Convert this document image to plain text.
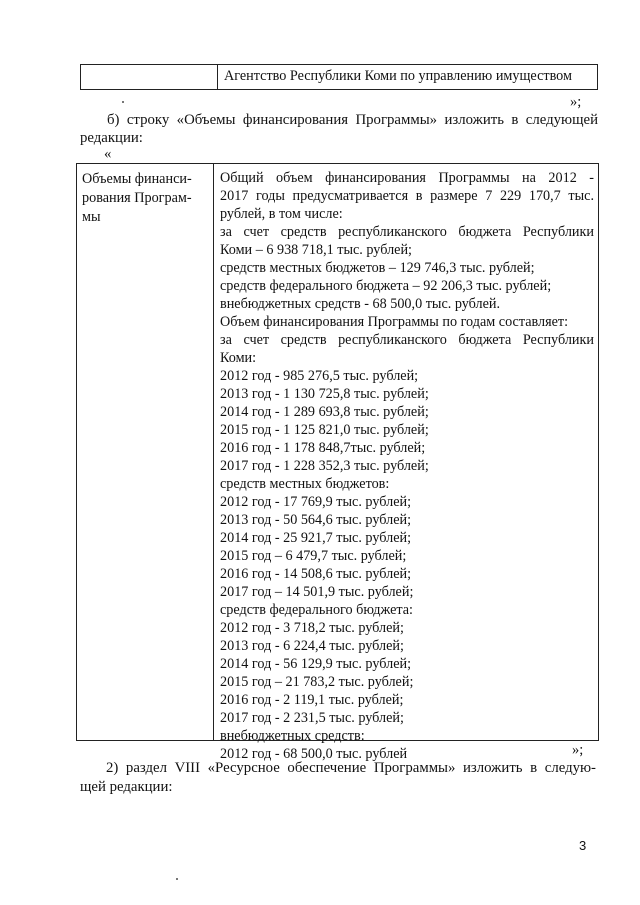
Агентство Республики Коми по управлению имуществом
»;
б) строку «Объемы финансирования Программы» изложить в следующей
редакции:
«
Объемы финанси-
рования Програм-
мы
Общий объем финансирования Программы на 2012 -
2017 годы предусматривается в размере 7 229 170,7 тыс.
рублей, в том числе:
за счет средств республиканского бюджета Республики
Коми – 6 938 718,1 тыс. рублей;
средств местных бюджетов – 129 746,3 тыс. рублей;
средств федерального бюджета – 92 206,3 тыс. рублей;
внебюджетных средств - 68 500,0 тыс. рублей.
Объем финансирования Программы по годам составляет:
за счет средств республиканского бюджета Республики
Коми:
2012 год - 985 276,5 тыс. рублей;
2013 год - 1 130 725,8 тыс. рублей;
2014 год - 1 289 693,8 тыс. рублей;
2015 год - 1 125 821,0 тыс. рублей;
2016 год - 1 178 848,7тыс. рублей;
2017 год - 1 228 352,3 тыс. рублей;
средств местных бюджетов:
2012 год - 17 769,9 тыс. рублей;
2013 год - 50 564,6 тыс. рублей;
2014 год - 25 921,7 тыс. рублей;
2015 год – 6 479,7 тыс. рублей;
2016 год - 14 508,6 тыс. рублей;
2017 год – 14 501,9 тыс. рублей;
средств федерального бюджета:
2012 год - 3 718,2 тыс. рублей;
2013 год - 6 224,4 тыс. рублей;
2014 год - 56 129,9 тыс. рублей;
2015 год – 21 783,2 тыс. рублей;
2016 год - 2 119,1 тыс. рублей;
2017 год - 2 231,5 тыс. рублей;
внебюджетных средств:
2012 год - 68 500,0 тыс. рублей	»;
2) раздел VIII «Ресурсное обеспечение Программы» изложить в следую-
щей редакции:
3
